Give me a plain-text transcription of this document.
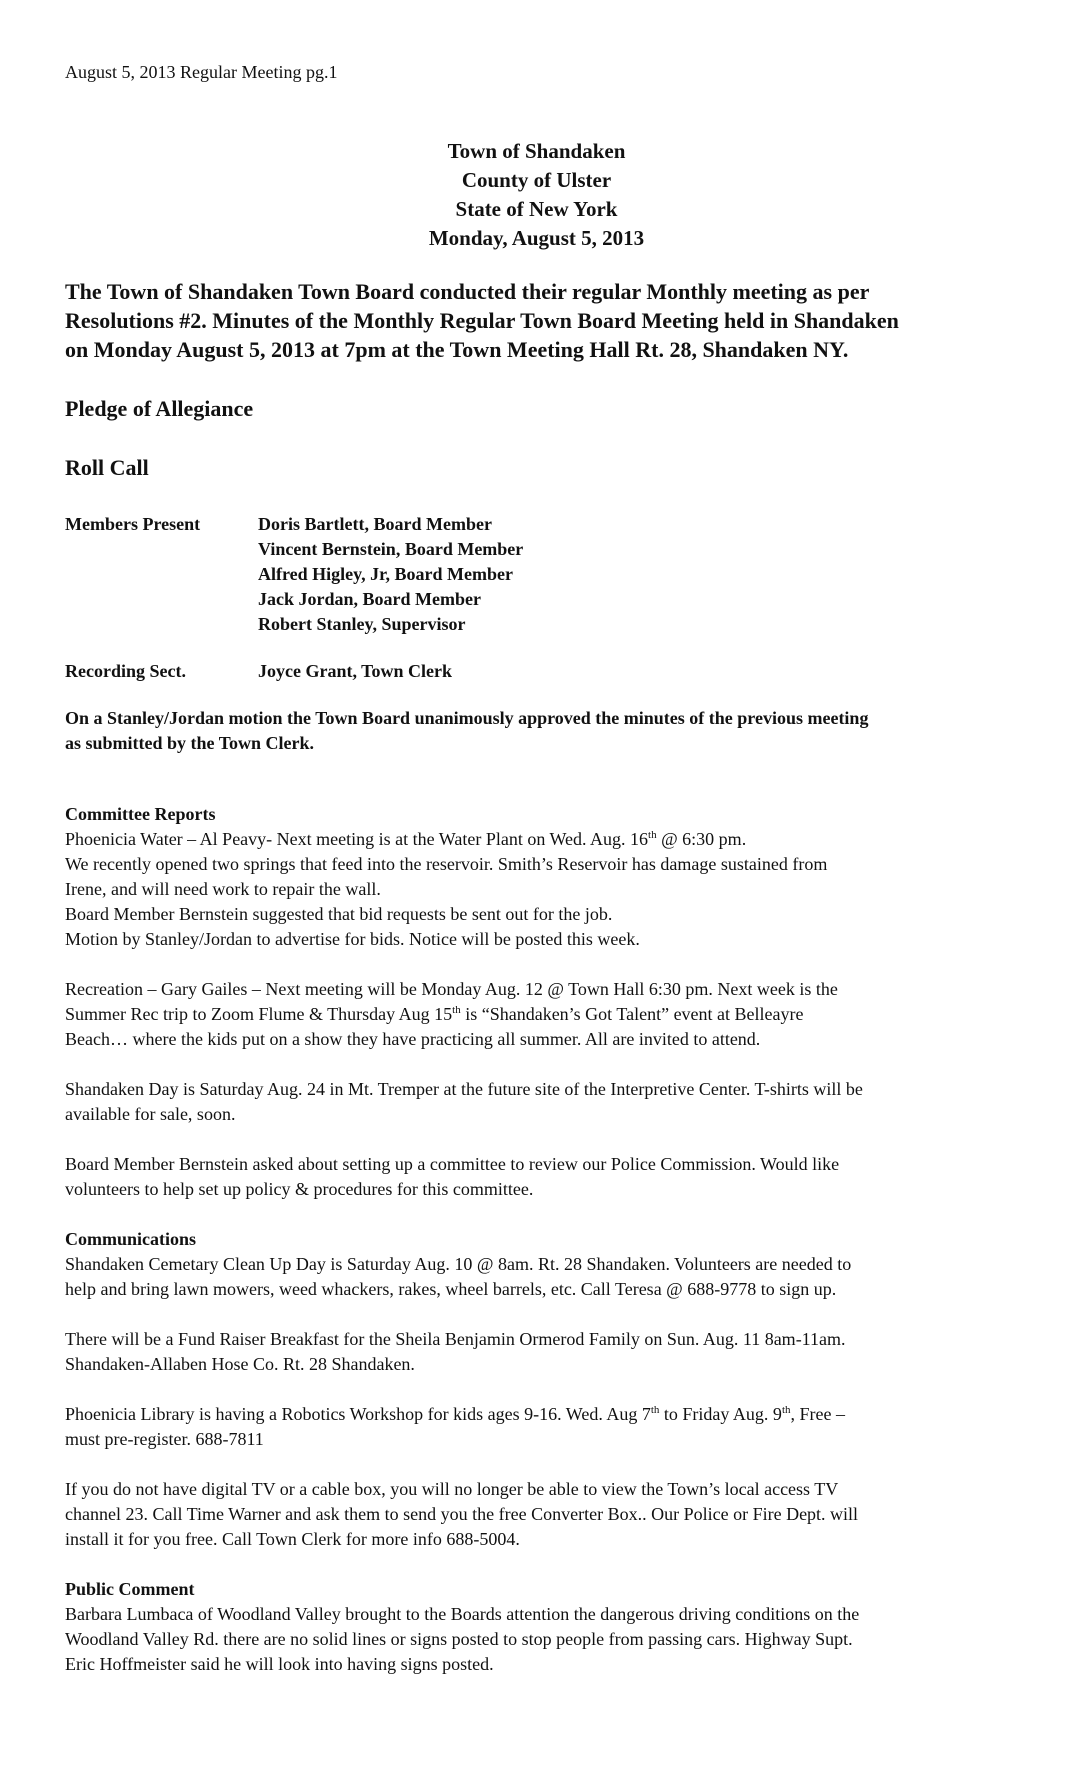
August 5, 2013 Regular Meeting pg.1
Town of Shandaken
County of Ulster
State of New York
Monday, August 5, 2013
The Town of Shandaken Town Board conducted their regular Monthly meeting as per
Resolutions #2. Minutes of the Monthly Regular Town Board Meeting held in Shandaken
on Monday August 5, 2013 at 7pm at the Town Meeting Hall Rt. 28, Shandaken NY.
Pledge of Allegiance
Roll Call
Members Present	Doris Bartlett, Board Member
Vincent Bernstein, Board Member
Alfred Higley, Jr, Board Member
Jack Jordan, Board Member
Robert Stanley, Supervisor
Recording Sect.	Joyce Grant, Town Clerk
On a Stanley/Jordan motion the Town Board unanimously approved the minutes of the previous meeting
as submitted by the Town Clerk.
Committee Reports
Phoenicia Water – Al Peavy- Next meeting is at the Water Plant on Wed. Aug. 16th @ 6:30 pm.
We recently opened two springs that feed into the reservoir. Smith’s Reservoir has damage sustained from
Irene, and will need work to repair the wall.
Board Member Bernstein suggested that bid requests be sent out for the job.
Motion by Stanley/Jordan to advertise for bids. Notice will be posted this week.
Recreation – Gary Gailes – Next meeting will be Monday Aug. 12 @ Town Hall 6:30 pm. Next week is the
Summer Rec trip to Zoom Flume & Thursday Aug 15th is “Shandaken’s Got Talent” event at Belleayre
Beach… where the kids put on a show they have practicing all summer. All are invited to attend.
Shandaken Day is Saturday Aug. 24 in Mt. Tremper at the future site of the Interpretive Center. T-shirts will be
available for sale, soon.
Board Member Bernstein asked about setting up a committee to review our Police Commission. Would like
volunteers to help set up policy & procedures for this committee.
Communications
Shandaken Cemetary Clean Up Day is Saturday Aug. 10 @ 8am. Rt. 28 Shandaken. Volunteers are needed to
help and bring lawn mowers, weed whackers, rakes, wheel barrels, etc. Call Teresa @ 688-9778 to sign up.
There will be a Fund Raiser Breakfast for the Sheila Benjamin Ormerod Family on Sun. Aug. 11 8am-11am.
Shandaken-Allaben Hose Co. Rt. 28 Shandaken.
Phoenicia Library is having a Robotics Workshop for kids ages 9-16. Wed. Aug 7th to Friday Aug. 9th, Free –
must pre-register. 688-7811
If you do not have digital TV or a cable box, you will no longer be able to view the Town’s local access TV
channel 23. Call Time Warner and ask them to send you the free Converter Box.. Our Police or Fire Dept. will
install it for you free. Call Town Clerk for more info 688-5004.
Public Comment
Barbara Lumbaca of Woodland Valley brought to the Boards attention the dangerous driving conditions on the
Woodland Valley Rd. there are no solid lines or signs posted to stop people from passing cars. Highway Supt.
Eric Hoffmeister said he will look into having signs posted.
